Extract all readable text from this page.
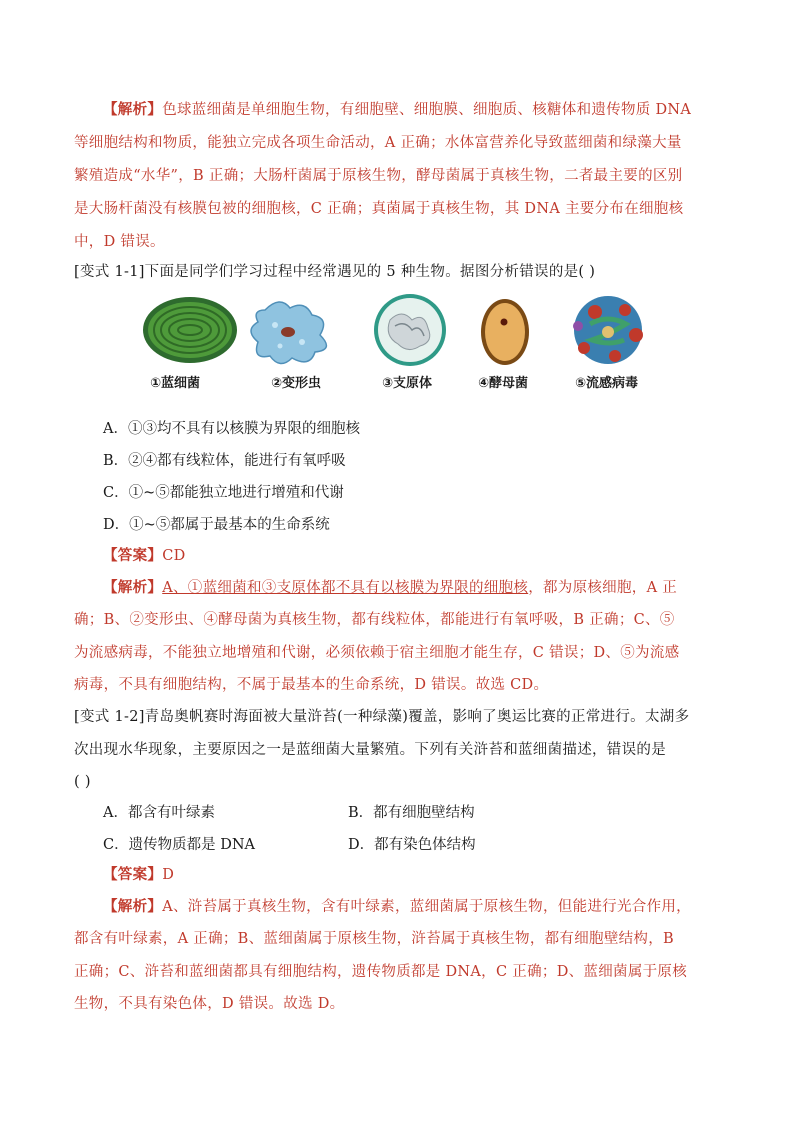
【解析】色球蓝细菌是单细胞生物，有细胞壁、细胞膜、细胞质、核糖体和遗传物质 DNA
等细胞结构和物质，能独立完成各项生命活动，A 正确；水体富营养化导致蓝细菌和绿藻大量
繁殖造成“水华”，B 正确；大肠杆菌属于原核生物，酵母菌属于真核生物，二者最主要的区别
是大肠杆菌没有核膜包被的细胞核，C 正确；真菌属于真核生物，其 DNA 主要分布在细胞核
中，D 错误。
[变式 1-1]下面是同学们学习过程中经常遇见的 5 种生物。据图分析错误的是( )
①蓝细菌	②变形虫	③支原体	④酵母菌	⑤流感病毒
A．①③均不具有以核膜为界限的细胞核
B．②④都有线粒体，能进行有氧呼吸
C．①~⑤都能独立地进行增殖和代谢
D．①~⑤都属于最基本的生命系统
【答案】CD
【解析】A、①蓝细菌和③支原体都不具有以核膜为界限的细胞核，都为原核细胞，A 正
确；B、②变形虫、④酵母菌为真核生物，都有线粒体，都能进行有氧呼吸，B 正确；C、⑤
为流感病毒，不能独立地增殖和代谢，必须依赖于宿主细胞才能生存，C 错误；D、⑤为流感
病毒，不具有细胞结构，不属于最基本的生命系统，D 错误。故选 CD。
[变式 1-2]青岛奥帆赛时海面被大量浒苔(一种绿藻)覆盖，影响了奥运比赛的正常进行。太湖多
次出现水华现象，主要原因之一是蓝细菌大量繁殖。下列有关浒苔和蓝细菌描述，错误的是
( )
A．都含有叶绿素	B．都有细胞壁结构
C．遗传物质都是 DNA	D．都有染色体结构
【答案】D
【解析】A、浒苔属于真核生物，含有叶绿素，蓝细菌属于原核生物，但能进行光合作用，
都含有叶绿素，A 正确；B、蓝细菌属于原核生物，浒苔属于真核生物，都有细胞壁结构，B
正确；C、浒苔和蓝细菌都具有细胞结构，遗传物质都是 DNA，C 正确；D、蓝细菌属于原核
生物，不具有染色体，D 错误。故选 D。
